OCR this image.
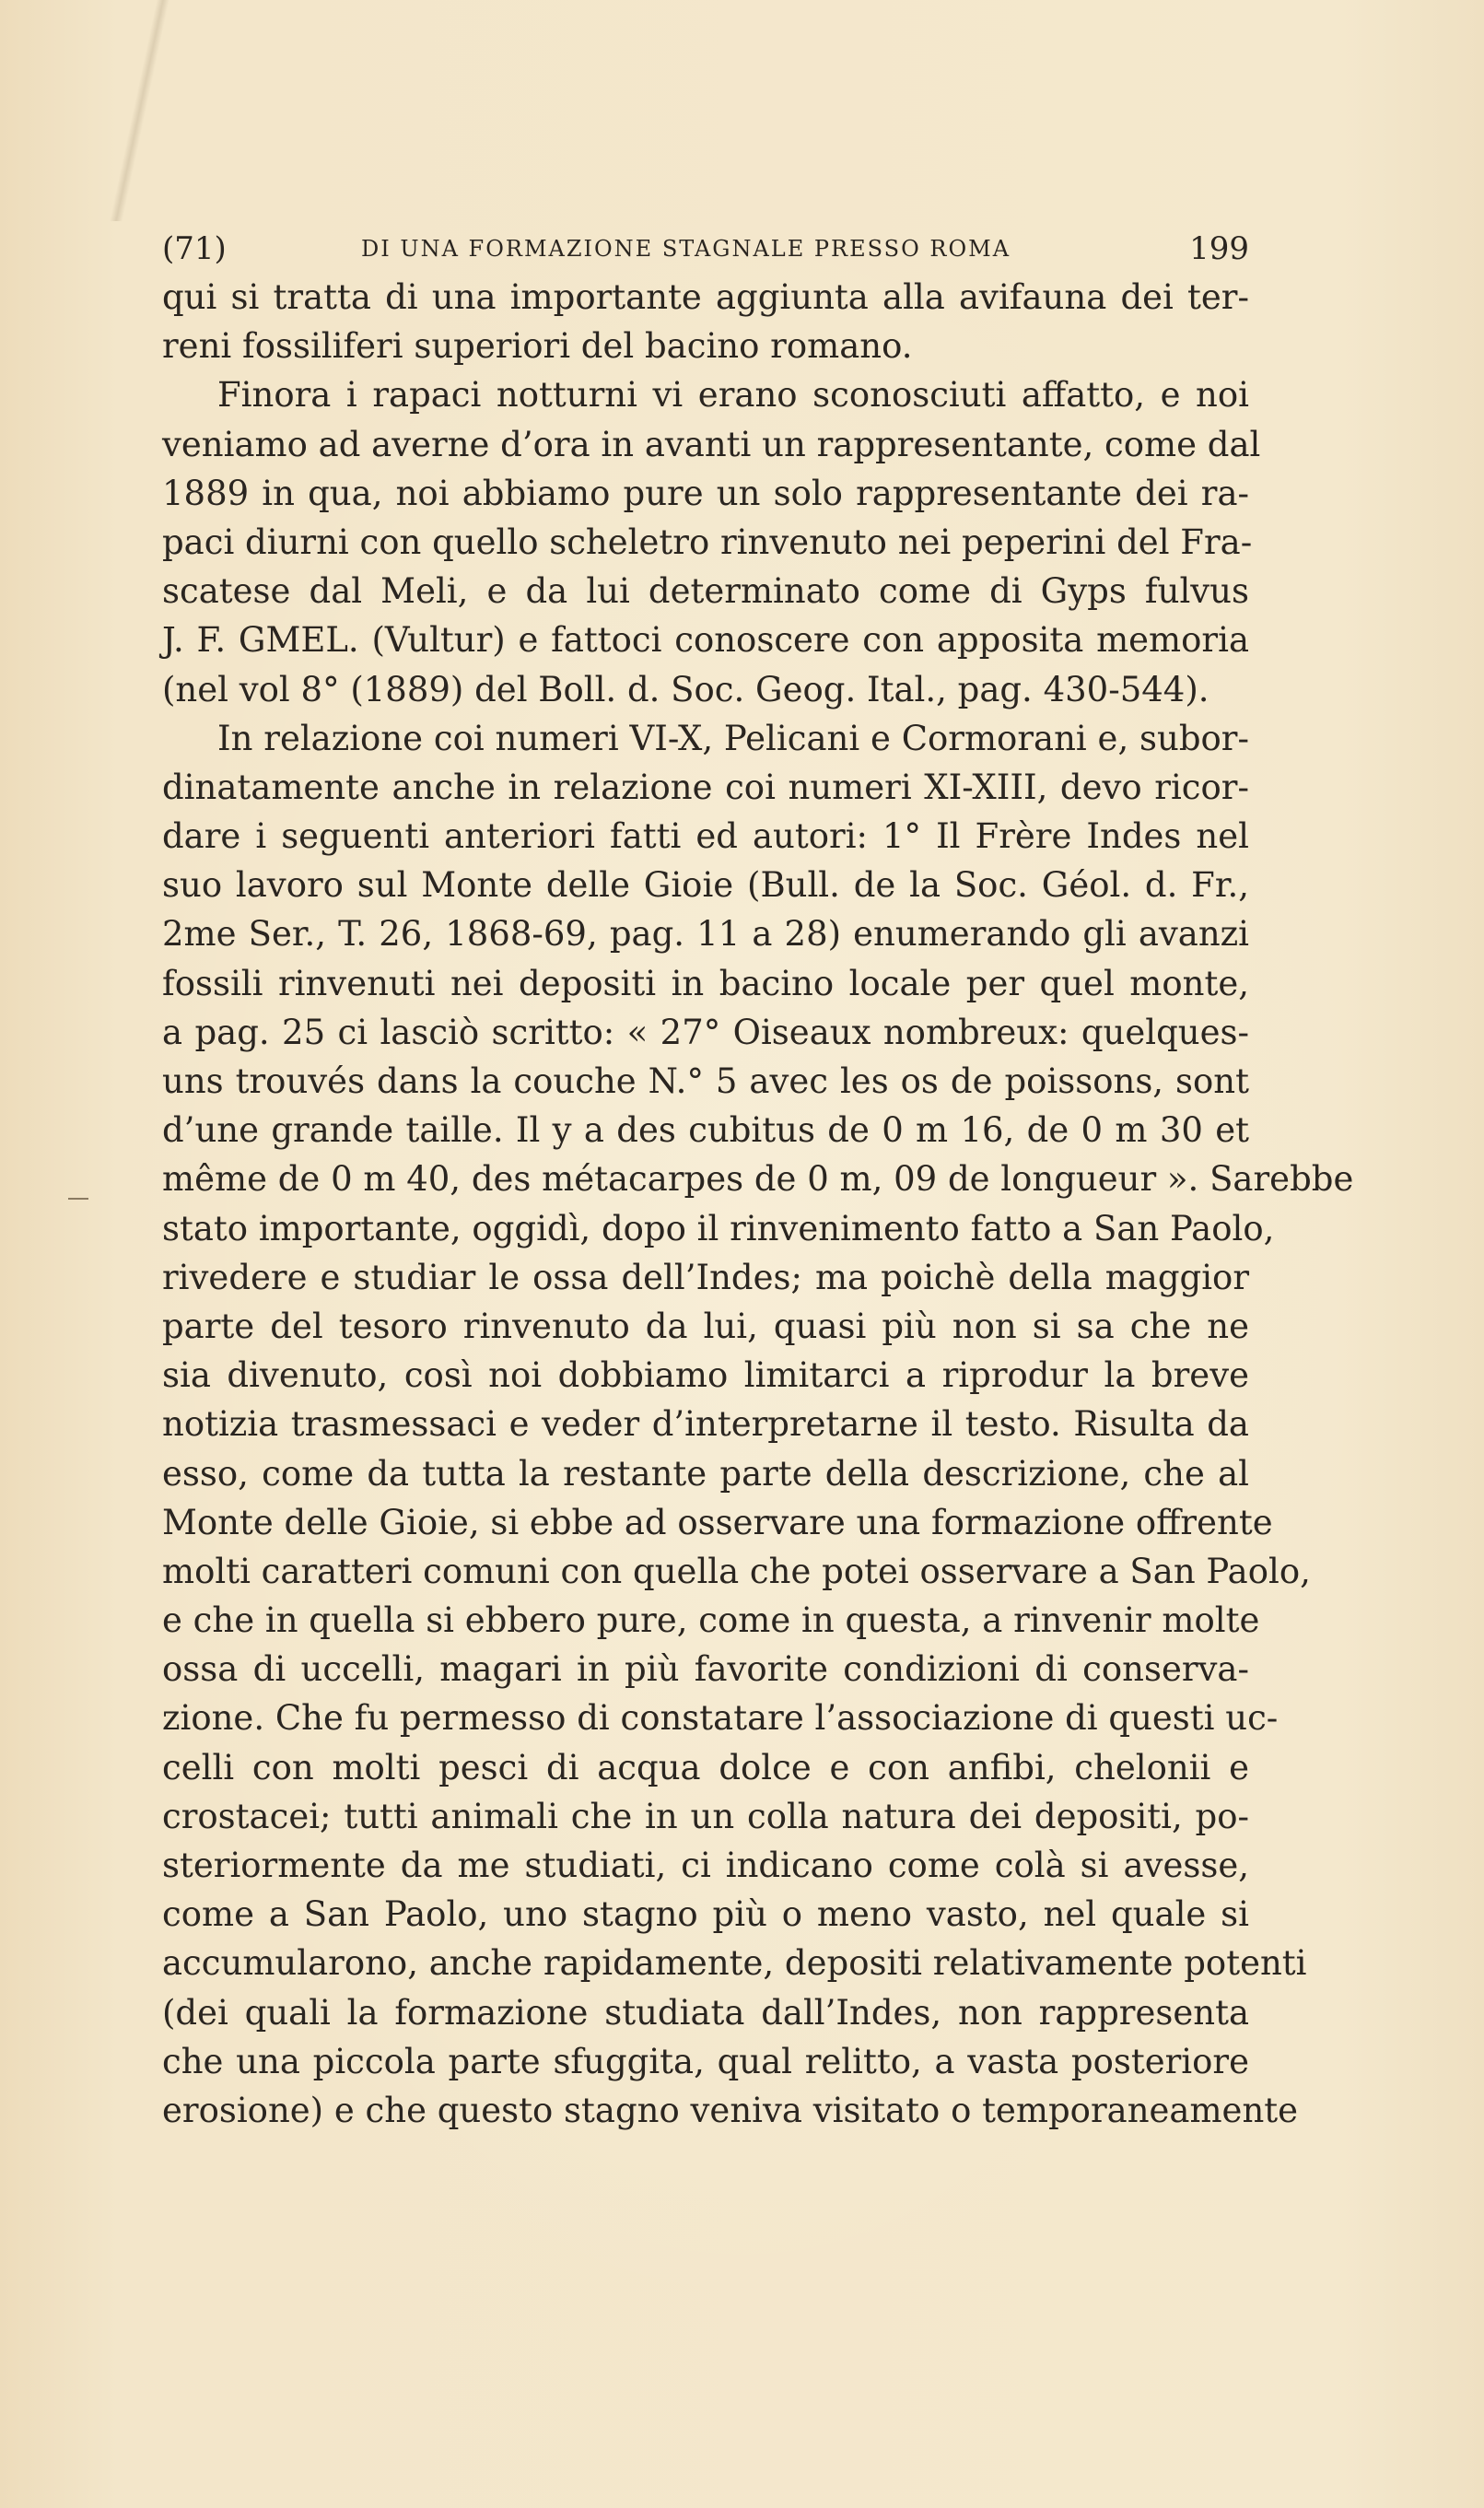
(71)	DI UNA FORMAZIONE STAGNALE PRESSO ROMA	199
qui si tratta di una importante aggiunta alla avifauna dei ter-
reni fossiliferi superiori del bacino romano.
Finora i rapaci notturni vi erano sconosciuti affatto, e noi
veniamo ad averne d’ora in avanti un rappresentante, come dal
1889 in qua, noi abbiamo pure un solo rappresentante dei ra-
paci diurni con quello scheletro rinvenuto nei peperini del Fra-
scatese dal Meli, e da lui determinato come di Gyps fulvus
J. F. GMEL. (Vultur) e fattoci conoscere con apposita memoria
(nel vol 8° (1889) del Boll. d. Soc. Geog. Ital., pag. 430-544).
In relazione coi numeri VI-X, Pelicani e Cormorani e, subor-
dinatamente anche in relazione coi numeri XI-XIII, devo ricor-
dare i seguenti anteriori fatti ed autori: 1° Il Frère Indes nel
suo lavoro sul Monte delle Gioie (Bull. de la Soc. Géol. d. Fr.,
2me Ser., T. 26, 1868-69, pag. 11 a 28) enumerando gli avanzi
fossili rinvenuti nei depositi in bacino locale per quel monte,
a pag. 25 ci lasciò scritto: « 27° Oiseaux nombreux: quelques-
uns trouvés dans la couche N.° 5 avec les os de poissons, sont
d’une grande taille. Il y a des cubitus de 0 m 16, de 0 m 30 et
même de 0 m 40, des métacarpes de 0 m, 09 de longueur ». Sarebbe
stato importante, oggidì, dopo il rinvenimento fatto a San Paolo,
rivedere e studiar le ossa dell’Indes; ma poichè della maggior
parte del tesoro rinvenuto da lui, quasi più non si sa che ne
sia divenuto, così noi dobbiamo limitarci a riprodur la breve
notizia trasmessaci e veder d’interpretarne il testo. Risulta da
esso, come da tutta la restante parte della descrizione, che al
Monte delle Gioie, si ebbe ad osservare una formazione offrente
molti caratteri comuni con quella che potei osservare a San Paolo,
e che in quella si ebbero pure, come in questa, a rinvenir molte
ossa di uccelli, magari in più favorite condizioni di conserva-
zione. Che fu permesso di constatare l’associazione di questi uc-
celli con molti pesci di acqua dolce e con anfibi, chelonii e
crostacei; tutti animali che in un colla natura dei depositi, po-
steriormente da me studiati, ci indicano come colà si avesse,
come a San Paolo, uno stagno più o meno vasto, nel quale si
accumularono, anche rapidamente, depositi relativamente potenti
(dei quali la formazione studiata dall’Indes, non rappresenta
che una piccola parte sfuggita, qual relitto, a vasta posteriore
erosione) e che questo stagno veniva visitato o temporaneamente
